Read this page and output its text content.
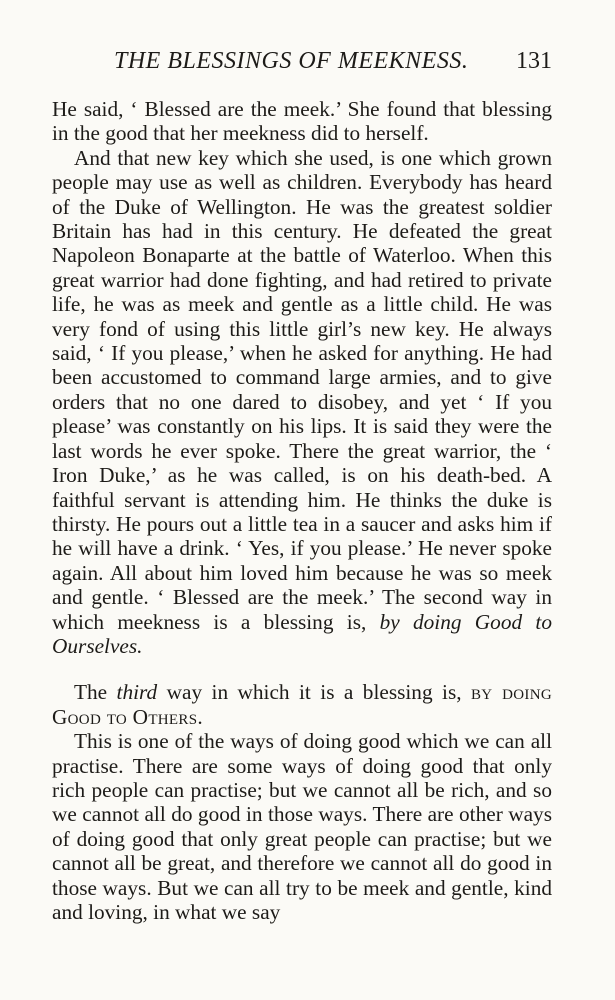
THE BLESSINGS OF MEEKNESS. 131

He said, ‘ Blessed are the meek.’ She found that blessing in the good that her meekness did to herself.

And that new key which she used, is one which grown people may use as well as children. Everybody has heard of the Duke of Wellington. He was the greatest soldier Britain has had in this century. He defeated the great Napoleon Bonaparte at the battle of Waterloo. When this great warrior had done fighting, and had retired to private life, he was as meek and gentle as a little child. He was very fond of using this little girl’s new key. He always said, ‘ If you please,’ when he asked for anything. He had been accustomed to command large armies, and to give orders that no one dared to disobey, and yet ‘ If you please’ was constantly on his lips. It is said they were the last words he ever spoke. There the great warrior, the ‘ Iron Duke,’ as he was called, is on his death-bed. A faithful servant is attending him. He thinks the duke is thirsty. He pours out a little tea in a saucer and asks him if he will have a drink. ‘ Yes, if you please.’ He never spoke again. All about him loved him because he was so meek and gentle. ‘ Blessed are the meek.’ The second way in which meekness is a blessing is, by doing Good to Ourselves.

The third way in which it is a blessing is, by doing Good to Others.

This is one of the ways of doing good which we can all practise. There are some ways of doing good that only rich people can practise; but we cannot all be rich, and so we cannot all do good in those ways. There are other ways of doing good that only great people can practise; but we cannot all be great, and therefore we cannot all do good in those ways. But we can all try to be meek and gentle, kind and loving, in what we say
